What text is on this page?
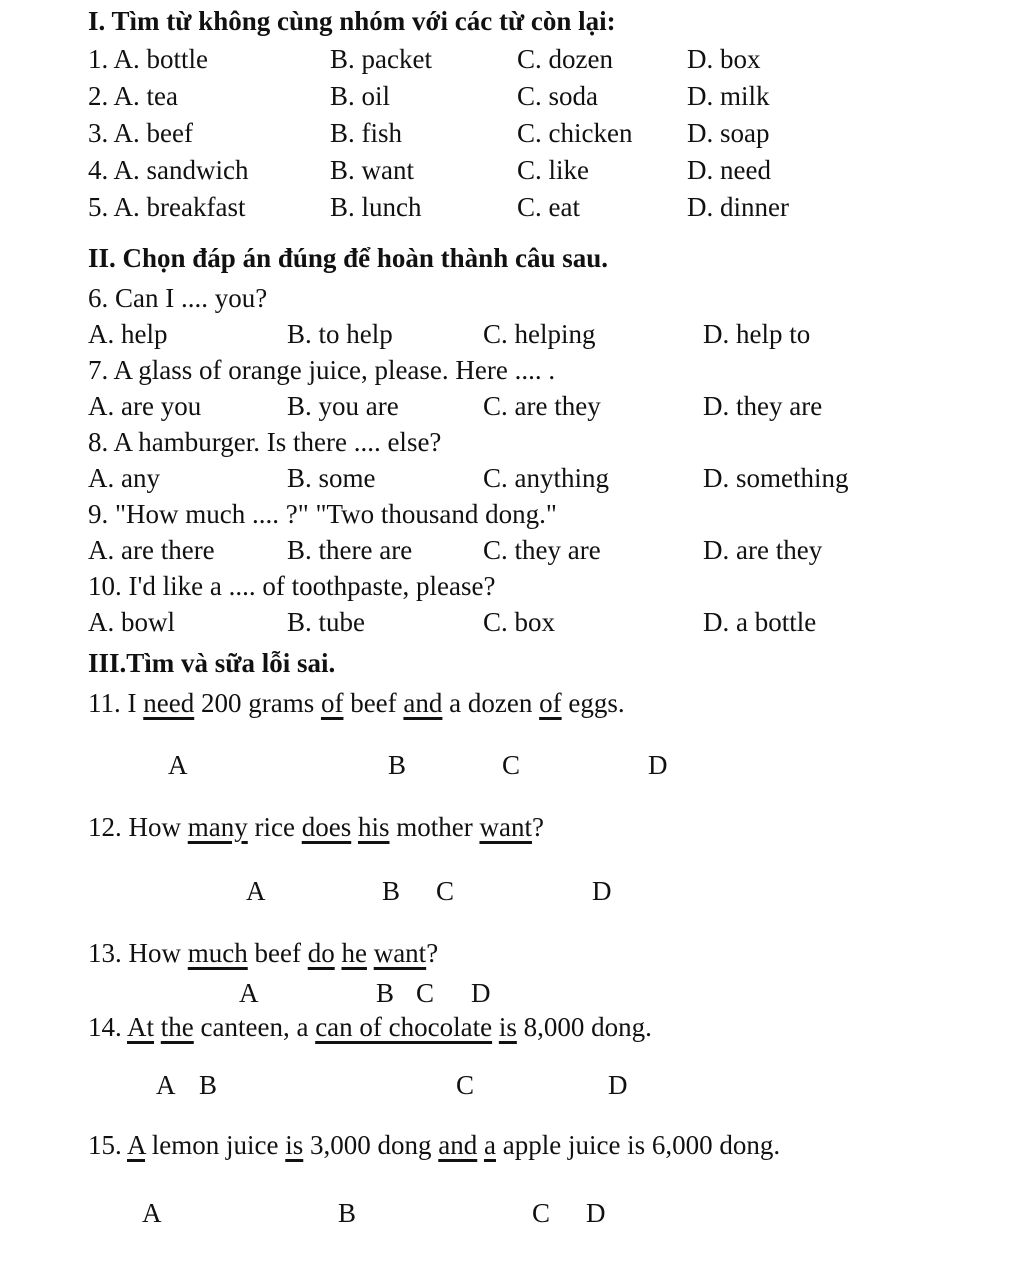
I. Tìm từ không cùng nhóm với các từ còn lại:
1. A. bottle	B. packet	C. dozen	D. box
2. A. tea	B. oil	C. soda	D. milk
3. A. beef	B. fish	C. chicken D. soap
4. A. sandwich	B. want	C. like	D. need
5. A. breakfast	B. lunch	C. eat	D. dinner
II. Chọn đáp án đúng để hoàn thành câu sau.
6. Can I .... you?
A. help	B. to help	C. helping	D. help to
7. A glass of orange juice, please. Here .... .
A. are you	B. you are	C. are they	D. they are
8. A hamburger. Is there .... else?
A. any	B. some	C. anything	D. something
9. "How much .... ?" "Two thousand dong."
A. are there	B. there are	C. they are	D. are they
10. I'd like a .... of toothpaste, please?
A. bowl	B. tube	C. box	D. a bottle
III.Tìm và sữa lỗi sai.
11. I need 200 grams of beef and a dozen of eggs.
A	B	C	D
12. How many rice does his mother want?
A	B C	D
13. How much beef do he want?
A	B C D
14. At the canteen, a can of chocolate is 8,000 dong.
A B	C	D
15. A lemon juice is 3,000 dong and a apple juice is 6,000 dong.
A	B	C D
